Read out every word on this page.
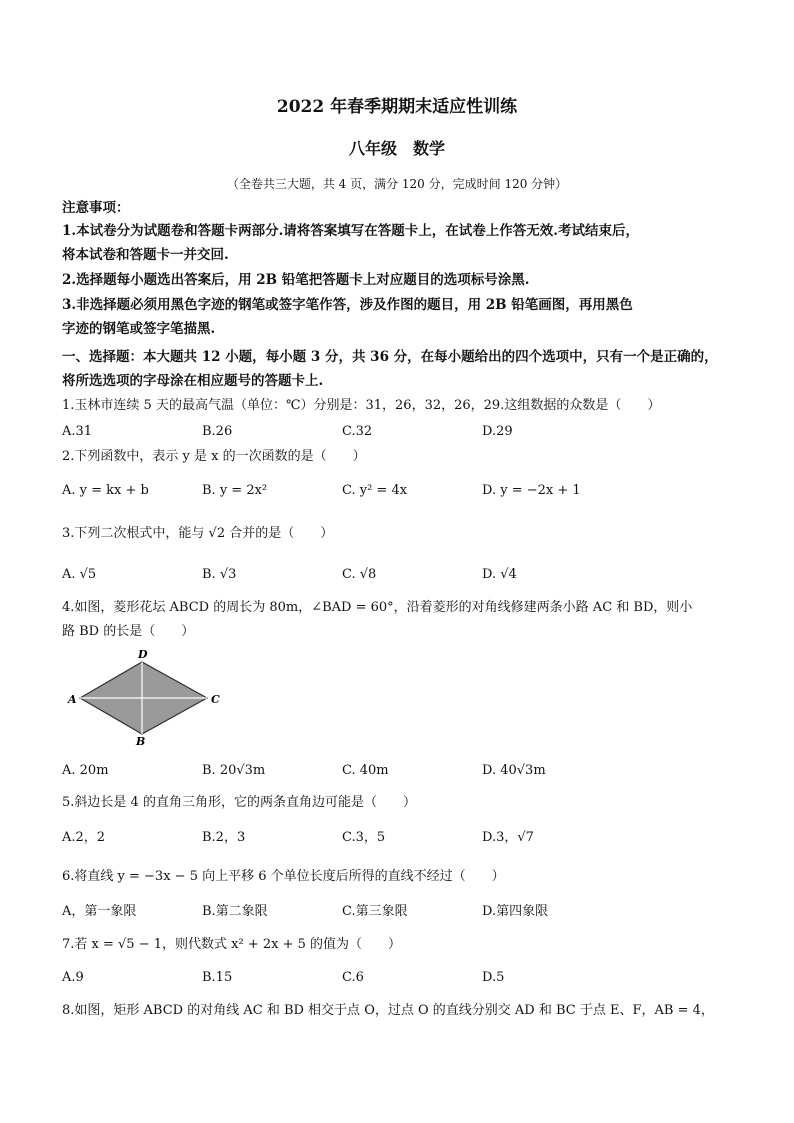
2022 年春季期期末适应性训练
八年级　数学
（全卷共三大题，共 4 页，满分 120 分，完成时间 120 分钟）
注意事项：
1.本试卷分为试题卷和答题卡两部分.请将答案填写在答题卡上，在试卷上作答无效.考试结束后，
将本试卷和答题卡一并交回.
2.选择题每小题选出答案后，用 2B 铅笔把答题卡上对应题目的选项标号涂黑.
3.非选择题必须用黑色字迹的钢笔或签字笔作答，涉及作图的题目，用 2B 铅笔画图，再用黑色
字迹的钢笔或签字笔描黑.
一、选择题：本大题共 12 小题，每小题 3 分，共 36 分，在每小题给出的四个选项中，只有一个是正确的，
将所选选项的字母涂在相应题号的答题卡上.
1.玉林市连续 5 天的最高气温（单位：℃）分别是：31，26，32，26，29.这组数据的众数是（　　）
A.31	B.26	C.32	D.29
2.下列函数中，表示 y 是 x 的一次函数的是（　　）
A. y = kx + b	B. y = 2x²	C. y² = 4x	D. y = −2x + 1
3.下列二次根式中，能与 √2 合并的是（　　）
A. √5	B. √3	C. √8	D. √4
4.如图，菱形花坛 ABCD 的周长为 80m，∠BAD = 60°，沿着菱形的对角线修建两条小路 AC 和 BD，则小
路 BD 的长是（　　）
A
B
C
D
A. 20m	B. 20√3m	C. 40m	D. 40√3m
5.斜边长是 4 的直角三角形，它的两条直角边可能是（　　）
A.2，2	B.2，3	C.3，5	D.3，√7
6.将直线 y = −3x − 5 向上平移 6 个单位长度后所得的直线不经过（　　）
A，第一象限	B.第二象限	C.第三象限	D.第四象限
7.若 x = √5 − 1，则代数式 x² + 2x + 5 的值为（　　）
A.9	B.15	C.6	D.5
8.如图，矩形 ABCD 的对角线 AC 和 BD 相交于点 O，过点 O 的直线分别交 AD 和 BC 于点 E、F，AB = 4，
